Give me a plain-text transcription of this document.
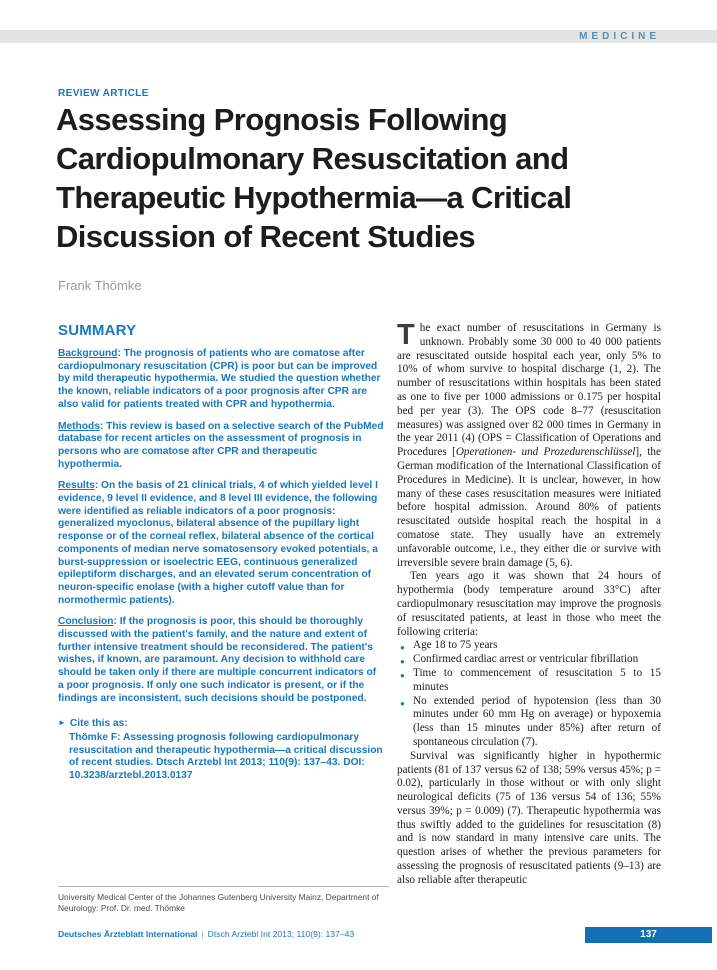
MEDICINE
REVIEW ARTICLE
Assessing Prognosis Following Cardiopulmonary Resuscitation and Therapeutic Hypothermia—a Critical Discussion of Recent Studies
Frank Thömke
SUMMARY

Background: The prognosis of patients who are comatose after cardiopulmonary resuscitation (CPR) is poor but can be improved by mild therapeutic hypothermia. We studied the question whether the known, reliable indicators of a poor prognosis after CPR are also valid for patients treated with CPR and hypothermia.

Methods: This review is based on a selective search of the PubMed database for recent articles on the assessment of prognosis in persons who are comatose after CPR and therapeutic hypothermia.

Results: On the basis of 21 clinical trials, 4 of which yielded level I evidence, 9 level II evidence, and 8 level III evidence, the following were identified as reliable indicators of a poor prognosis: generalized myoclonus, bilateral absence of the pupillary light response or of the corneal reflex, bilateral absence of the cortical components of median nerve somatosensory evoked potentials, a burst-suppression or isoelectric EEG, continuous generalized epileptiform discharges, and an elevated serum concentration of neuron-specific enolase (with a higher cutoff value than for normothermic patients).

Conclusion: If the prognosis is poor, this should be thoroughly discussed with the patient's family, and the nature and extent of further intensive treatment should be reconsidered. The patient's wishes, if known, are paramount. Any decision to withhold care should be taken only if there are multiple concurrent indicators of a poor prognosis. If only one such indicator is present, or if the findings are inconsistent, such decisions should be postponed.

► Cite this as:
Thömke F: Assessing prognosis following cardiopulmonary resuscitation and therapeutic hypothermia—a critical discussion of recent studies. Dtsch Arztebl Int 2013; 110(9): 137–43. DOI: 10.3238/arztebl.2013.0137

The exact number of resuscitations in Germany is unknown. Probably some 30 000 to 40 000 patients are resuscitated outside hospital each year, only 5% to 10% of whom survive to hospital discharge (1, 2). The number of resuscitations within hospitals has been stated as one to five per 1000 admissions or 0.175 per hospital bed per year (3). The OPS code 8–77 (resuscitation measures) was assigned over 82 000 times in Germany in the year 2011 (4) (OPS = Classification of Operations and Procedures [Operationen- und Prozedurenschlüssel], the German modification of the International Classification of Procedures in Medicine). It is unclear, however, in how many of these cases resuscitation measures were initiated before hospital admission. Around 80% of patients resuscitated outside hospital reach the hospital in a comatose state. They usually have an extremely unfavorable outcome, i.e., they either die or survive with irreversible severe brain damage (5, 6).

Ten years ago it was shown that 24 hours of hypothermia (body temperature around 33°C) after cardiopulmonary resuscitation may improve the prognosis of resuscitated patients, at least in those who meet the following criteria:

● Age 18 to 75 years
● Confirmed cardiac arrest or ventricular fibrillation
● Time to commencement of resuscitation 5 to 15 minutes
● No extended period of hypotension (less than 30 minutes under 60 mm Hg on average) or hypoxemia (less than 15 minutes under 85%) after return of spontaneous circulation (7).

Survival was significantly higher in hypothermic patients (81 of 137 versus 62 of 138; 59% versus 45%; p = 0.02), particularly in those without or with only slight neurological deficits (75 of 136 versus 54 of 136; 55% versus 39%; p = 0.009) (7). Therapeutic hypothermia was thus swiftly added to the guidelines for resuscitation (8) and is now standard in many intensive care units. The question arises of whether the previous parameters for assessing the prognosis of resuscitated patients (9–13) are also reliable after therapeutic

University Medical Center of the Johannes Gutenberg University Mainz, Department of Neurology: Prof. Dr. med. Thömke
Deutsches Ärzteblatt International | Dtsch Arztebl Int 2013; 110(9): 137–43	137
